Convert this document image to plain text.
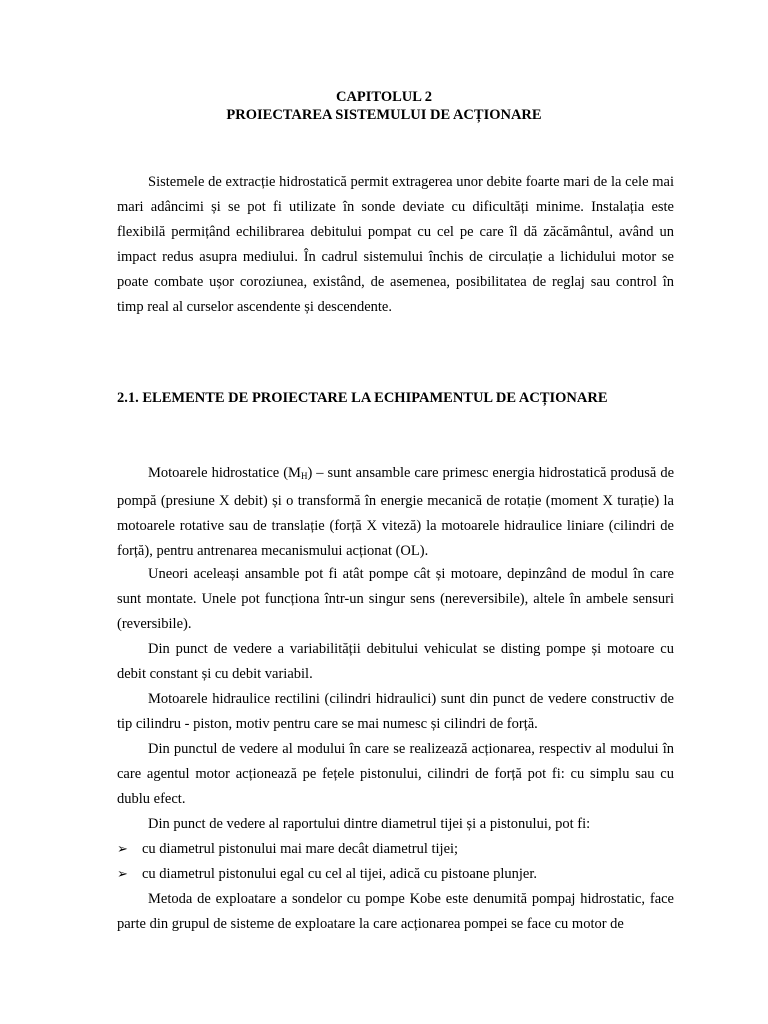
CAPITOLUL 2
PROIECTAREA SISTEMULUI DE ACȚIONARE

Sistemele de extracție hidrostatică permit extragerea unor debite foarte mari de la cele mai mari adâncimi și se pot fi utilizate în sonde deviate cu dificultăți minime. Instalația este flexibilă permițând echilibrarea debitului pompat cu cel pe care îl dă zăcământul, având un impact redus asupra mediului. În cadrul sistemului închis de circulație a lichidului motor se poate combate ușor coroziunea, existând, de asemenea, posibilitatea de reglaj sau control în timp real al curselor ascendente și descendente.

2.1. ELEMENTE DE PROIECTARE LA ECHIPAMENTUL DE ACȚIONARE

Motoarele hidrostatice $(M_H)$ – sunt ansamble care primesc energia hidrostatică produsă de pompă (presiune X debit) și o transformă în energie mecanică de rotație (moment X turație) la motoarele rotative sau de translație (forță X viteză) la motoarele hidraulice liniare (cilindri de forță), pentru antrenarea mecanismului acționat (OL).

Uneori aceleași ansamble pot fi atât pompe cât și motoare, depinzând de modul în care sunt montate. Unele pot funcționa într-un singur sens (nereversibile), altele în ambele sensuri (reversibile).

Din punct de vedere a variabilității debitului vehiculat se disting pompe și motoare cu debit constant și cu debit variabil.

Motoarele hidraulice rectilini (cilindri hidraulici) sunt din punct de vedere constructiv de tip cilindru - piston, motiv pentru care se mai numesc și cilindri de forță.

Din punctul de vedere al modului în care se realizează acționarea, respectiv al modului în care agentul motor acționează pe fețele pistonului, cilindri de forță pot fi: cu simplu sau cu dublu efect.

Din punct de vedere al raportului dintre diametrul tijei și a pistonului, pot fi:

➢ cu diametrul pistonului mai mare decât diametrul tijei;
➢ cu diametrul pistonului egal cu cel al tijei, adică cu pistoane plunjer.

Metoda de exploatare a sondelor cu pompe Kobe este denumită pompaj hidrostatic, face parte din grupul de sisteme de exploatare la care acționarea pompei se face cu motor de
